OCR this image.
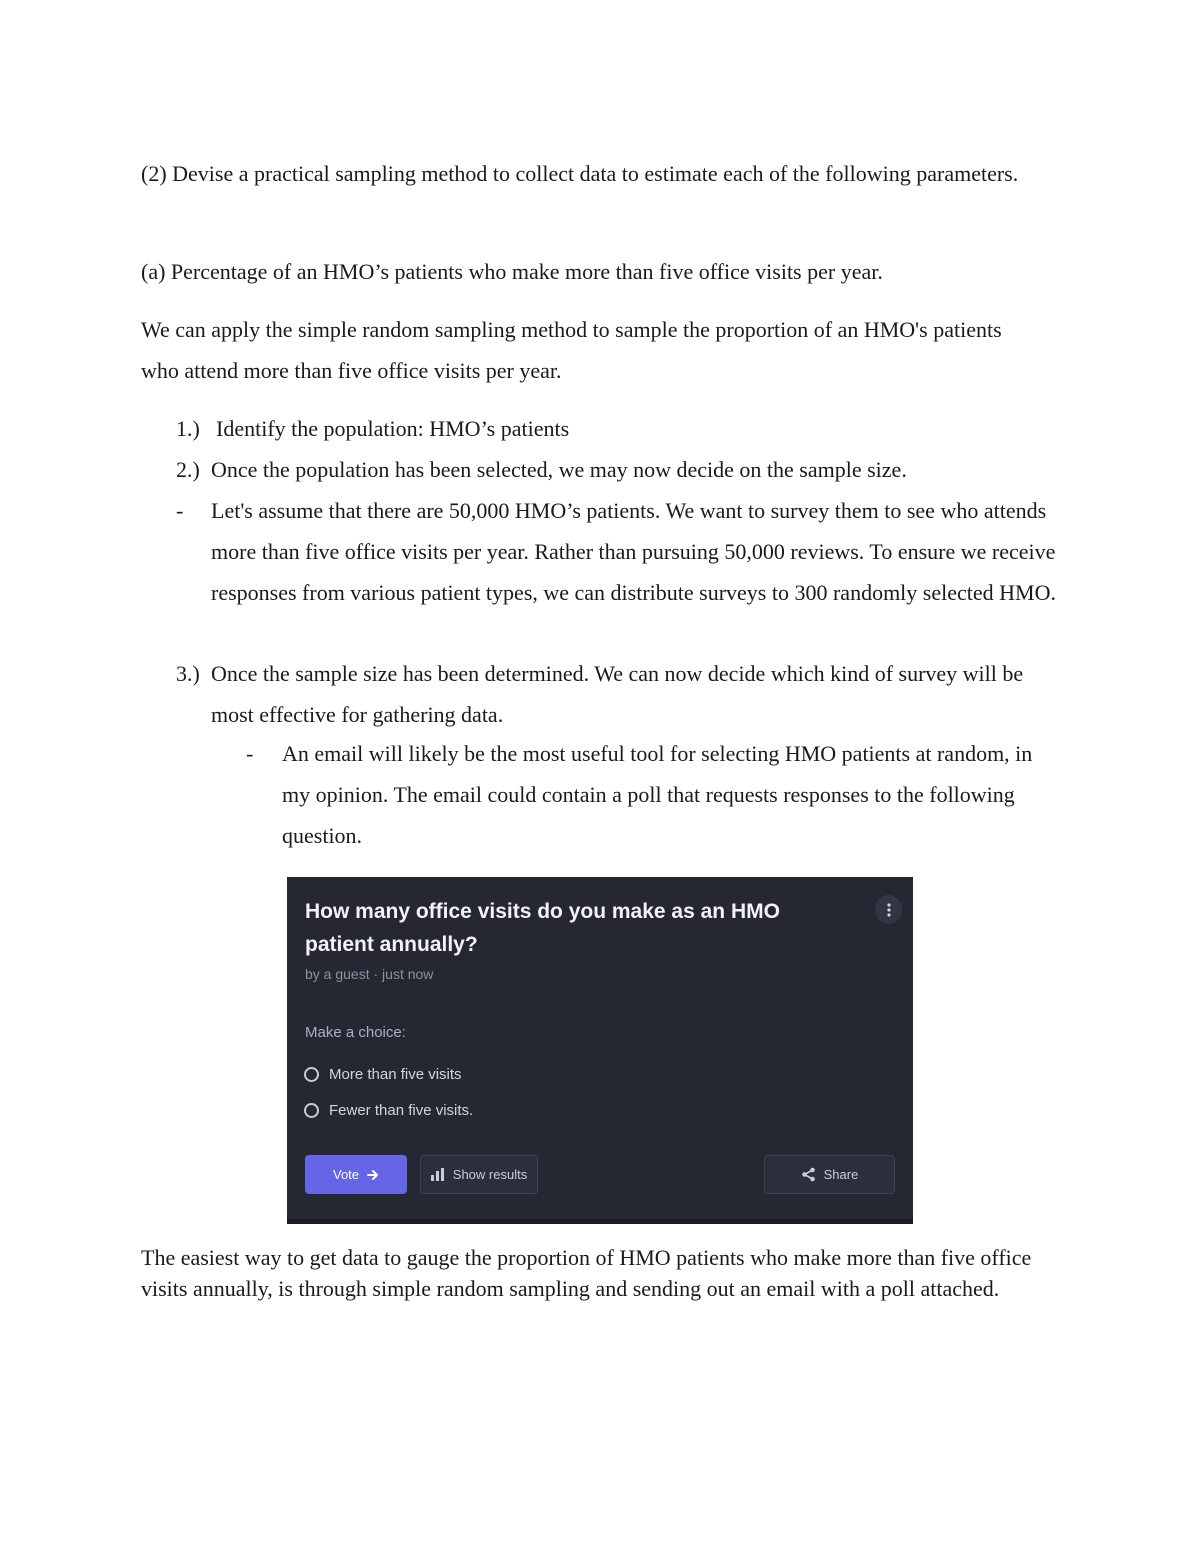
(2) Devise a practical sampling method to collect data to estimate each of the following parameters.

(a) Percentage of an HMO’s patients who make more than five office visits per year.

We can apply the simple random sampling method to sample the proportion of an HMO's patients who attend more than five office visits per year.

1.) Identify the population: HMO’s patients
2.) Once the population has been selected, we may now decide on the sample size.
- Let's assume that there are 50,000 HMO’s patients. We want to survey them to see who attends more than five office visits per year. Rather than pursuing 50,000 reviews. To ensure we receive responses from various patient types, we can distribute surveys to 300 randomly selected HMO.
3.) Once the sample size has been determined. We can now decide which kind of survey will be most effective for gathering data.
- An email will likely be the most useful tool for selecting HMO patients at random, in my opinion. The email could contain a poll that requests responses to the following question.

How many office visits do you make as an HMO patient annually?

by a guest · just now
Make a choice:
More than five visits
Fewer than five visits.
Vote	Show results	Share

The easiest way to get data to gauge the proportion of HMO patients who make more than five office visits annually, is through simple random sampling and sending out an email with a poll attached.
